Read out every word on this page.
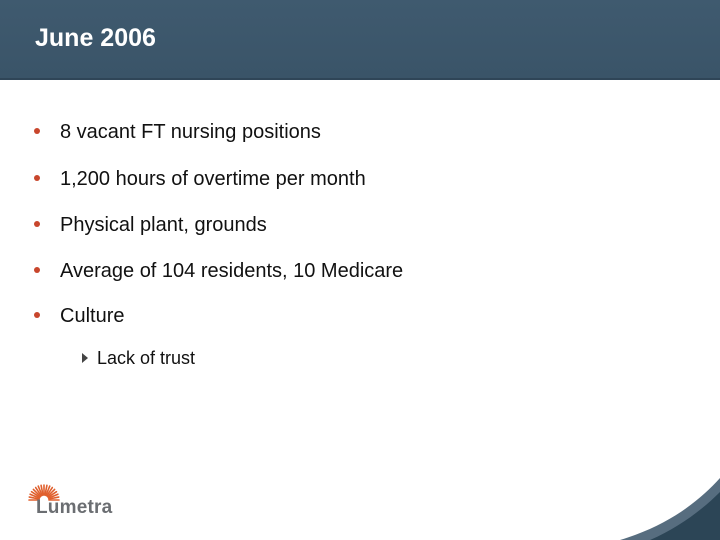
June 2006
8 vacant FT nursing positions
1,200 hours of overtime per month
Physical plant, grounds
Average of 104 residents, 10 Medicare
Culture
Lack of trust
Lumetra
